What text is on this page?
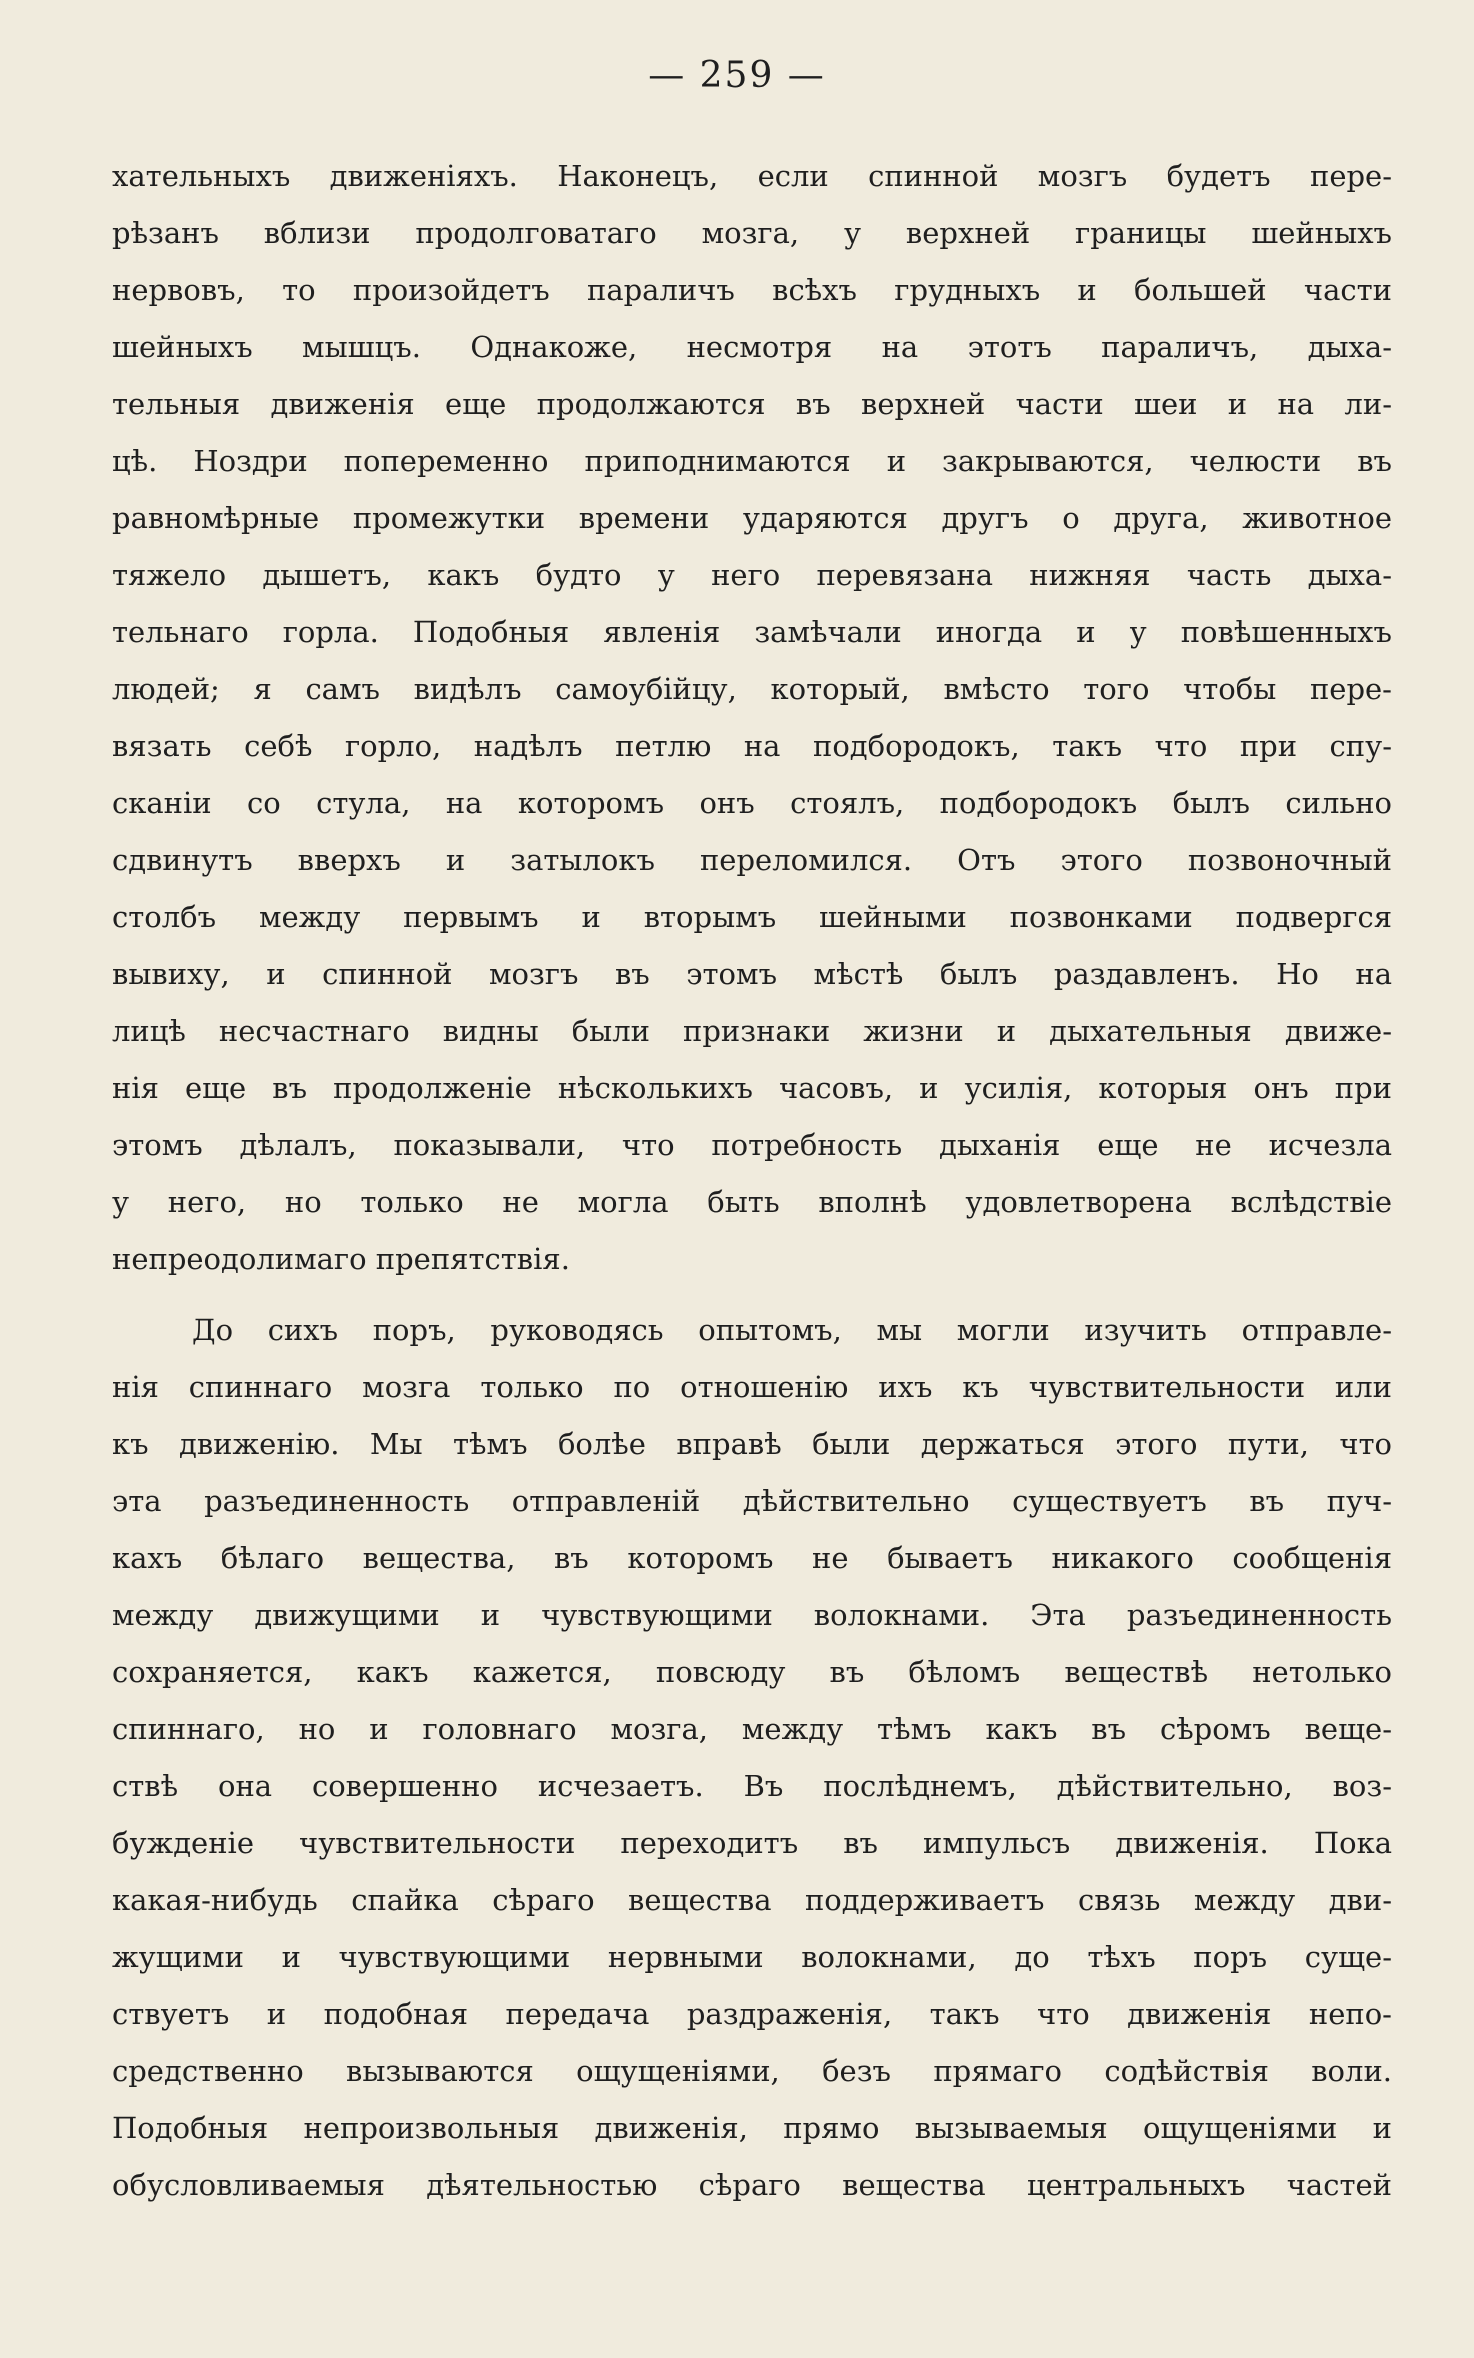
— 259 —
хательныхъ движеніяхъ. Наконецъ, если спинной мозгъ будетъ пере-
рѣзанъ вблизи продолговатаго мозга, у верхней границы шейныхъ
нервовъ, то произойдетъ параличъ всѣхъ грудныхъ и большей части
шейныхъ мышцъ. Однакоже, несмотря на этотъ параличъ, дыха-
тельныя движенія еще продолжаются въ верхней части шеи и на ли-
цѣ. Ноздри попеременно приподнимаются и закрываются, челюсти въ
равномѣрные промежутки времени ударяются другъ о друга, животное
тяжело дышетъ, какъ будто у него перевязана нижняя часть дыха-
тельнаго горла. Подобныя явленія замѣчали иногда и у повѣшенныхъ
людей; я самъ видѣлъ самоубійцу, который, вмѣсто того чтобы пере-
вязать себѣ горло, надѣлъ петлю на подбородокъ, такъ что при спу-
сканіи со стула, на которомъ онъ стоялъ, подбородокъ былъ сильно
сдвинутъ вверхъ и затылокъ переломился. Отъ этого позвоночный
столбъ между первымъ и вторымъ шейными позвонками подвергся
вывиху, и спинной мозгъ въ этомъ мѣстѣ былъ раздавленъ. Но на
лицѣ несчастнаго видны были признаки жизни и дыхательныя движе-
нія еще въ продолженіе нѣсколькихъ часовъ, и усилія, которыя онъ при
этомъ дѣлалъ, показывали, что потребность дыханія еще не исчезла
у него, но только не могла быть вполнѣ удовлетворена вслѣдствіе
непреодолимаго препятствія.
До сихъ поръ, руководясь опытомъ, мы могли изучить отправле-
нія спиннаго мозга только по отношенію ихъ къ чувствительности или
къ движенію. Мы тѣмъ болѣе вправѣ были держаться этого пути, что
эта разъединенность отправленій дѣйствительно существуетъ въ пуч-
кахъ бѣлаго вещества, въ которомъ не бываетъ никакого сообщенія
между движущими и чувствующими волокнами. Эта разъединенность
сохраняется, какъ кажется, повсюду въ бѣломъ веществѣ нетолько
спиннаго, но и головнаго мозга, между тѣмъ какъ въ сѣромъ веще-
ствѣ она совершенно исчезаетъ. Въ послѣднемъ, дѣйствительно, воз-
бужденіе чувствительности переходитъ въ импульсъ движенія. Пока
какая-нибудь спайка сѣраго вещества поддерживаетъ связь между дви-
жущими и чувствующими нервными волокнами, до тѣхъ поръ суще-
ствуетъ и подобная передача раздраженія, такъ что движенія непо-
средственно вызываются ощущеніями, безъ прямаго содѣйствія воли.
Подобныя непроизвольныя движенія, прямо вызываемыя ощущеніями и
обусловливаемыя дѣятельностью сѣраго вещества центральныхъ частей
